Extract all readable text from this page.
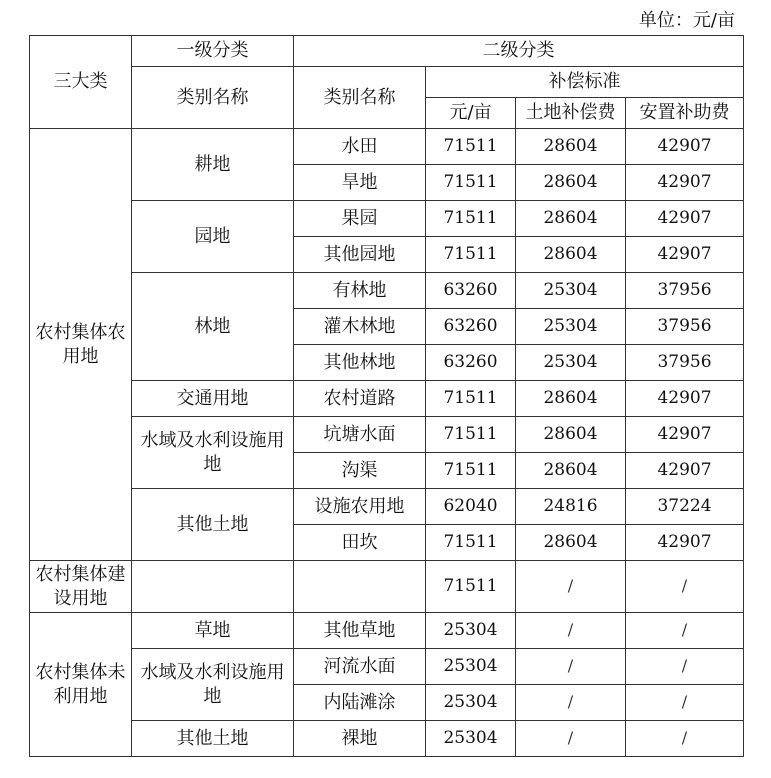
单位：元/亩
三大类	一级分类	二级分类			
	类别名称	类别名称	补偿标准		
			元/亩	土地补偿费	安置补助费
农村集体农用地	耕地	水田	71511	28604	42907
		旱地	71511	28604	42907
	园地	果园	71511	28604	42907
		其他园地	71511	28604	42907
	林地	有林地	63260	25304	37956
		灌木林地	63260	25304	37956
		其他林地	63260	25304	37956
	交通用地	农村道路	71511	28604	42907
	水域及水利设施用地	坑塘水面	71511	28604	42907
		沟渠	71511	28604	42907
	其他土地	设施农用地	62040	24816	37224
		田坎	71511	28604	42907
农村集体建设用地			71511	/	/
农村集体未利用地	草地	其他草地	25304	/	/
	水域及水利设施用地	河流水面	25304	/	/
		内陆滩涂	25304	/	/
	其他土地	裸地	25304	/	/
